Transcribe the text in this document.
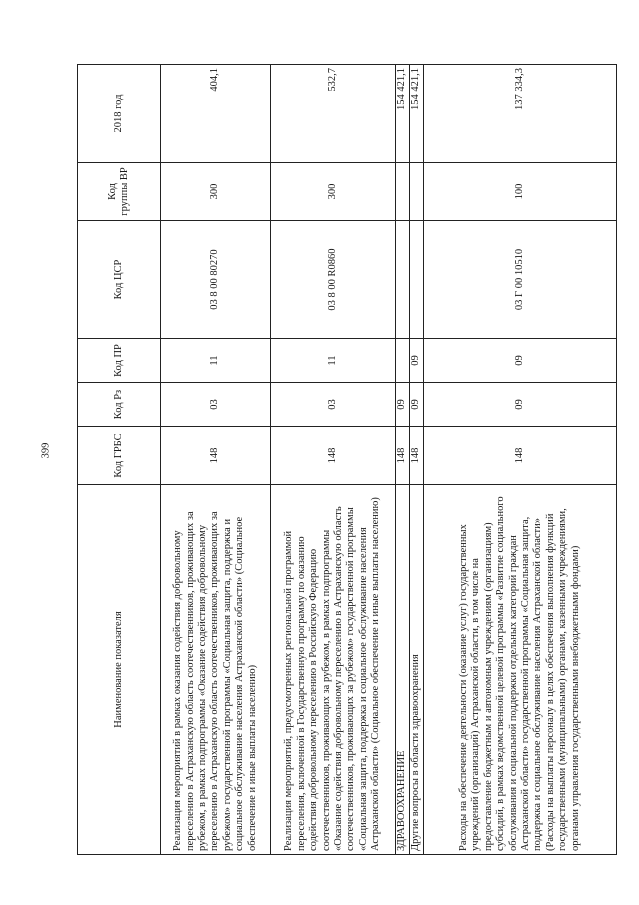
399
Наименование показателя	Код ГРБС	Код Рз	Код ПР	Код ЦСР	Код группы ВР	2018 год
Реализация мероприятий в рамках оказания содействия добровольному переселению в Астраханскую область соотечественников, проживающих за рубежом, в рамках подпрограммы «Оказание содействия добровольному переселению в Астраханскую область соотечественников, проживающих за рубежом» государственной программы «Социальная защита, поддержка и социальное обслуживание населения Астраханской области» (Социальное обеспечение и иные выплаты населению)	148	03	11	03 8 00 80270	300	404,1
Реализация мероприятий, предусмотренных региональной программой переселения, включенной в Государственную программу по оказанию содействия добровольному переселению в Российскую Федерацию соотечественников, проживающих за рубежом, в рамках подпрограммы «Оказание содействия добровольному переселению в Астраханскую область соотечественников, проживающих за рубежом» государственной программы «Социальная защита, поддержка и социальное обслуживание населения Астраханской области» (Социальное обеспечение и иные выплаты населению)	148	03	11	03 8 00 R0860	300	532,7
ЗДРАВООХРАНЕНИЕ	148	09				154 421,1
Другие вопросы в области здравоохранения	148	09	09			154 421,1
Расходы на обеспечение деятельности (оказание услуг) государственных учреждений (организаций) Астраханской области, в том числе на предоставление бюджетным и автономным учреждениям (организациям) субсидий, в рамках ведомственной целевой программы «Развитие социального обслуживания и социальной поддержки отдельных категорий граждан Астраханской области» государственной программы «Социальная защита, поддержка и социальное обслуживание населения Астраханской области» (Расходы на выплаты персоналу в целях обеспечения выполнения функций государственными (муниципальными) органами, казенными учреждениями, органами управления государственными внебюджетными фондами)	148	09	09	03 Г 00 10510	100	137 334,3
